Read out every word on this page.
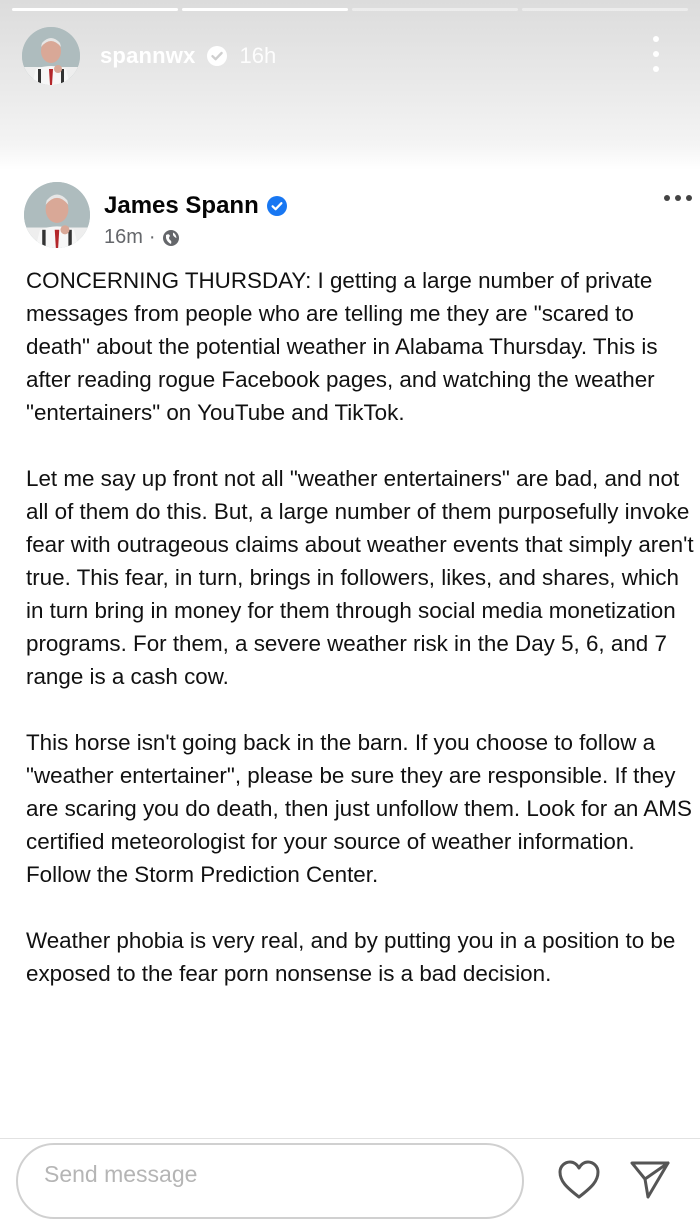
spannwx 16h
James Spann
16m ·

CONCERNING THURSDAY: I getting a large number of private messages from people who are telling me they are "scared to death" about the potential weather in Alabama Thursday. This is after reading rogue Facebook pages, and watching the weather "entertainers" on YouTube and TikTok.

Let me say up front not all "weather entertainers" are bad, and not all of them do this. But, a large number of them purposefully invoke fear with outrageous claims about weather events that simply aren't true. This fear, in turn, brings in followers, likes, and shares, which in turn bring in money for them through social media monetization programs. For them, a severe weather risk in the Day 5, 6, and 7 range is a cash cow.

This horse isn't going back in the barn. If you choose to follow a "weather entertainer", please be sure they are responsible. If they are scaring you do death, then just unfollow them. Look for an AMS certified meteorologist for your source of weather information. Follow the Storm Prediction Center.

Weather phobia is very real, and by putting you in a position to be exposed to the fear porn nonsense is a bad decision.

Send message
